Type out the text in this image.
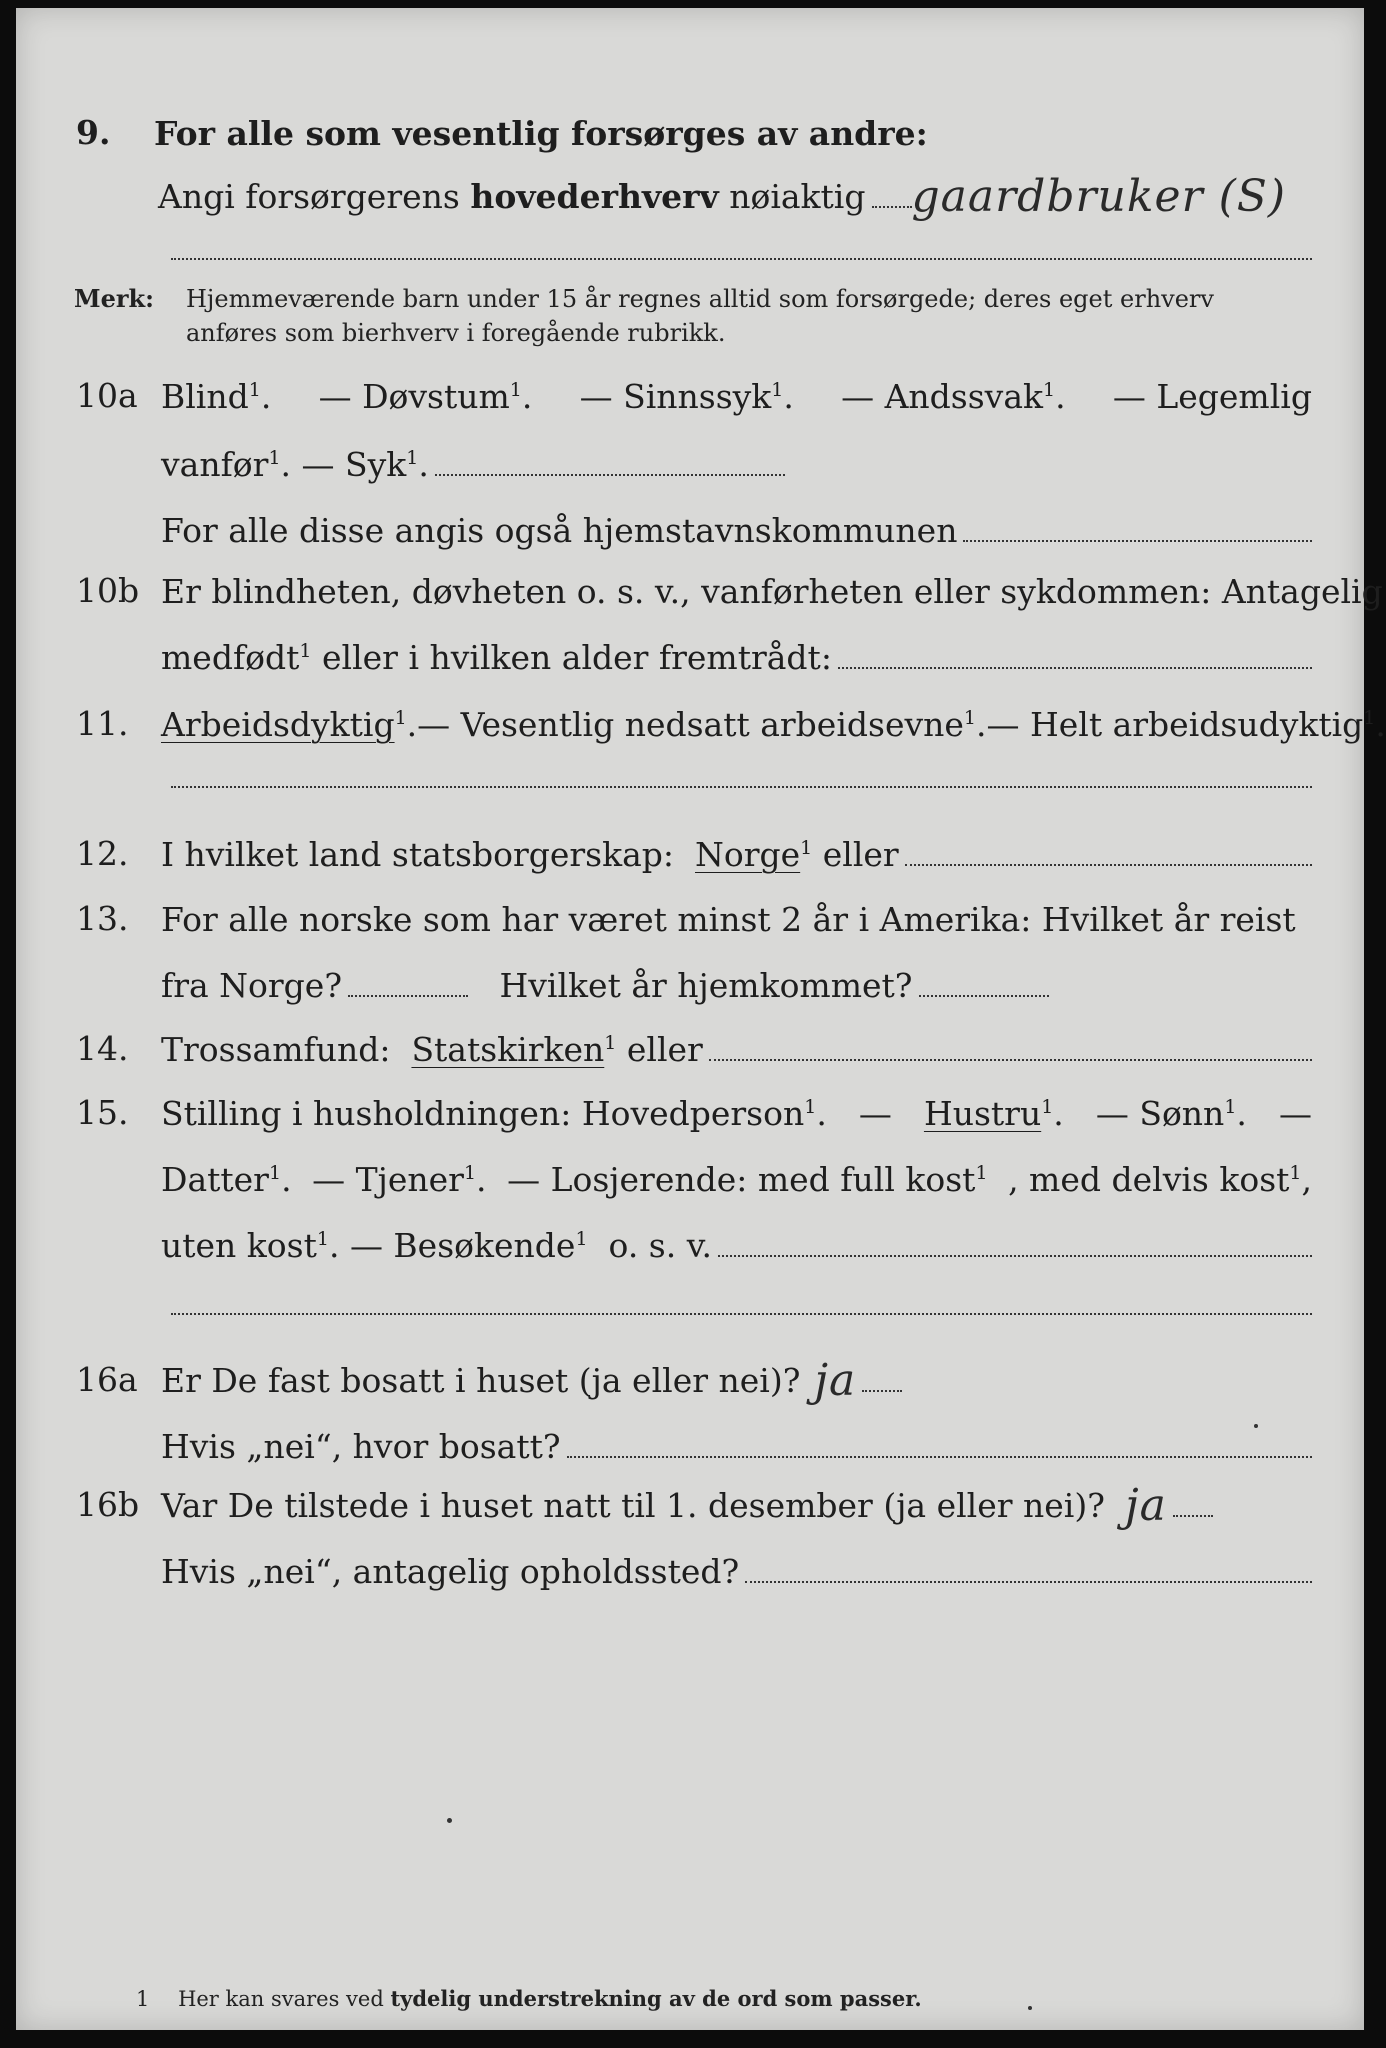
9. For alle som vesentlig forsørges av andre:
Angi forsørgerens
hovederhverv
nøiaktig gaardbruker (S)
Merk: Hjemmeværende barn under 15 år regnes alltid som forsørgede; deres eget erhverv
anføres som bierhverv i foregående rubrikk.
10a Blind$^1$. — Døvstum$^1$. — Sinnssyk$^1$. — Andssvak$^1$. — Legemlig
vanfør$^1$. — Syk$^1$.
For alle disse angis også hjemstavnskommunen
10b Er blindheten, døvheten o. s. v., vanførheten eller sykdommen: Antagelig
medfødt$^1$ eller i hvilken alder fremtrådt:
11. Arbeidsdyktig$^1$. — Vesentlig nedsatt arbeidsevne$^1$. — Helt arbeidsudyktig$^1$.
12. I hvilket land statsborgerskap:
Norge$^1$ eller
13. For alle norske som har været minst 2 år i Amerika: Hvilket år reist
fra Norge?
	Hvilket år hjemkommet?
14. Trossamfund:
Statskirken$^1$ eller
15. Stilling i husholdningen: Hovedperson$^1$. — Hustru$^1$. — Sønn$^1$. —
Datter$^1$. — Tjener$^1$. — Losjerende: med full kost$^1$ , med delvis kost$^1$,
uten kost$^1$. — Besøkende$^1$ o. s. v.
16a Er De fast bosatt i huset (ja eller nei)? ja
Hvis „nei“, hvor bosatt?
16b Var De tilstede i huset natt til 1. desember (ja eller nei)? ja
Hvis „nei“, antagelig opholdssted?
1 Her kan svares ved tydelig understrekning av de ord som passer.
